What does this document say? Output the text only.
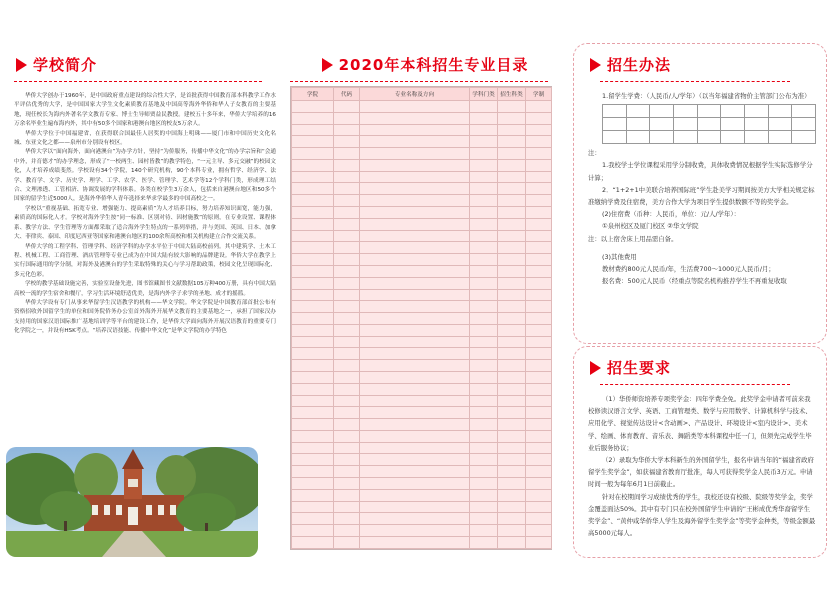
学校简介

华侨大学创办于1960年，是中国政府重点建设的综合性大学，是首批获得中国教育部本科教学工作水平评估优秀的大学，是中国国家大学生文化素质教育基地及中国高等海外华侨和华人子女教育的主要基地，现任校长为海内外著名学文教育专家、博士生导师贾益民教授。建校五十多年来，华侨大学培养的16万余名毕业生遍布海内外，其中有50多个国家和港澳台地区的校友5万余人。

华侨大学位于中国福建省，在获得联合国最佳人居奖的中国海上明珠——厦门市和中国历史文化名城、东亚文化之都——泉州市分别设有校区。

华侨大学以“面向海外，面向港澳台”为办学方针，坚持“为侨服务，传播中华文化”的办学宗旨和“会通中外，并育德才”的办学理念，形成了“一校两生、园村皆教”的教学特色，“一元主导、多元交融”的校园文化，人才培养成绩斐然。学校设有34个学院，140个研究机构，90个本科专业，拥有哲学、经济学、法学、教育学、文学、历史学、理学、工学、农学、医学、管理学、艺术学等12个学科门类，形成理工结合、文理渗透、工管相济、协调发展的学科体系。各类在校学生3万余人，包括来自港澳台地区和50多个国家的留学生近5000人，是海外华侨华人青年选择来华求学最多的中国高校之一。

学校以“重视基础、拓宽专业、增强能力、提高素质”为人才培养目标，努力培养知识面宽，能力强，素质高的国际化人才。学校对海外学生按“同一标准、区别对待、因材施教”的原则，在专业设置、课程体系、教学方法、学生管理等方面都采取了适合海外学生特点的一系列举措，并与美国、英国、日本、加拿大、菲律宾、泰国、印度尼西亚等国家和港澳台地区的100余所高校和相关机构建立合作交流关系。

华侨大学的工程学科、管理学科、经济学科的办学水平位于中国大陆高校前列。其中建筑学、土木工程、机械工程、工商管理、酒店管理等专业已成为在中国大陆有较大影响的品牌建设。华侨大学在教学上实行国际通用的学分制，对海外及港澳台的学生采取特殊的关心与学习帮助政策，校园文化呈现国际化、多元化色彩。

学校的教学基础设施完善，实验室设备先进，图书馆藏图书文献数据105万种400万册，具有中国大陆高校一流的学生宿舍和餐厅，学习生活环境舒适优美，是海内外学子求学的圣地、成才的摇篮。

华侨大学设有专门从事来华留学生汉语教学的机构——华文学院。华文学院是中国教育部首批公布有资格招收外国留学生的单位和国务院侨务办公室首外海外开展华文教育的主要基地之一，承担了国家汉办支持用的国家汉语国际推广基地培训学等平台的建设工作，是华侨大学面向海外开展汉语教育的重要专门化学院之一，并设有HSK考点。“培养汉语技能、传播中华文化”是华文学院的办学特色

2020年本科招生专业目录
学院	代码	专业名称及方向	学科门类	招生科类	学制

招生办法

1.留学生学费：（人民币/人/学年）（以当年福建省物价主管部门公布为准）

注：

1.我校学士学位课程采用学分制收费，具体收费情况根据学生实际选修学分计算；

2．“1+2+1中美联合培养国际班”学生赴美学习期间按美方大学相关规定标准缴纳学费及住宿费，美方合作大学为项目学生提供数额不等的奖学金。

(2)住宿费（币种：人民币，单位：元/人/学年）：

①泉州校区及厦门校区 ②华文学院

注：以上宿舍床上用品需自备。

(3)其他费用

教材费约800元人民币/年，生活费700～1000元人民币/月；

报名费：500元人民币（经重点等院名机构推荐学生不再重复收取

招生要求

（1）华侨师资培养专项奖学金：四年学费全免。此奖学金申请者可前来我校修读汉语言文学、英语、工商管理类、数学与应用数学、计算机科学与技术、应用化学、视觉传达设计<含动画>、产品设计、环境设计<室内设计>、美术学、绘画、体育教育、音乐表、舞蹈类等本科课程中任一门，但须先完成学生毕业后服务协议；

（2）录取为华侨大学本科新生的外国留学生，报名申请当年的“福建省政府留学生奖学金”，如获福建省教育厅批准，每人可获得奖学金人民币3万元。申请时间一般为每年6月1日前截止。

针对在校期间学习成绩优秀的学生，我校还设有校级、院级等奖学金，奖学金覆盖面达50%。其中有专门只在校外国留学生申请的“王彬成优秀华裔留学生奖学金”、“黄仲咸华侨华人学生及海外留学生奖学金”等奖学金种类，等级金额最高5000元每人。
